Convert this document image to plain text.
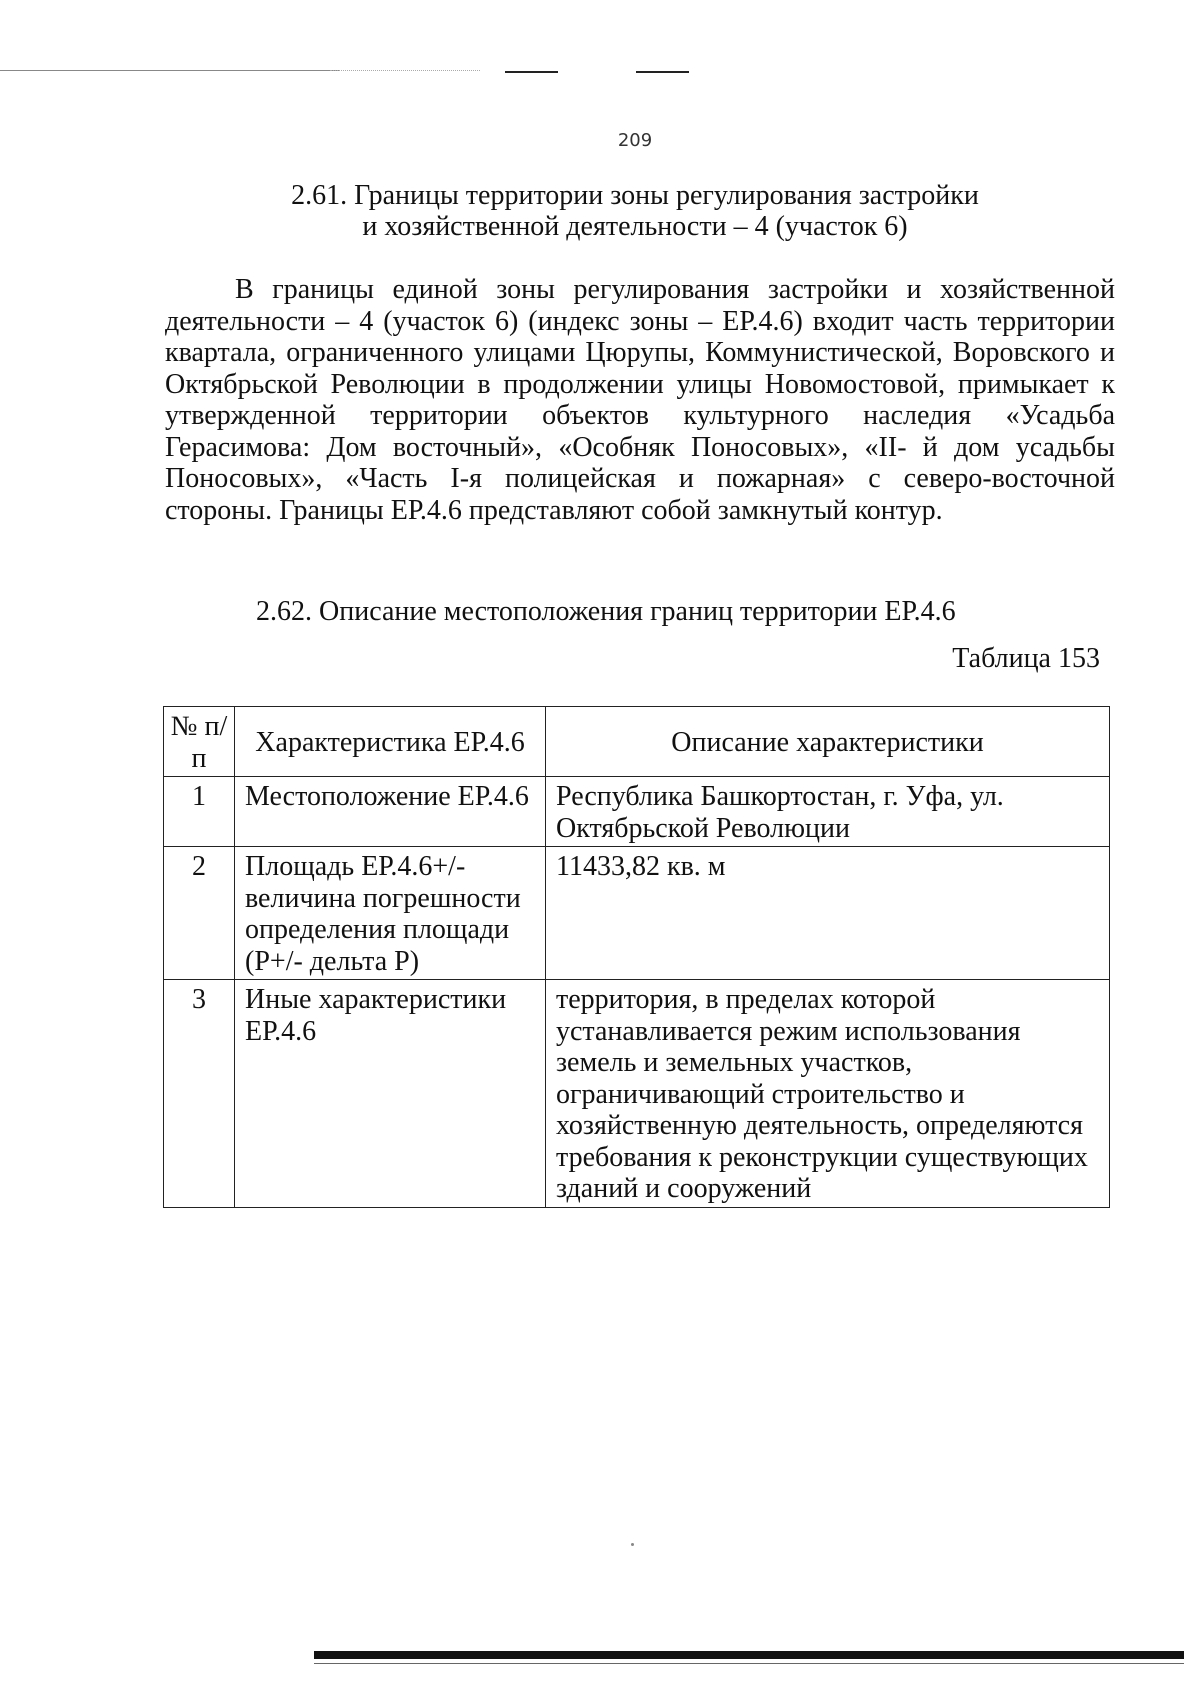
209
2.61. Границы территории зоны регулирования застройки
и хозяйственной деятельности – 4 (участок 6)
В границы единой зоны регулирования застройки и хозяйственной деятельности – 4 (участок 6) (индекс зоны – ЕР.4.6) входит часть территории квартала, ограниченного улицами Цюрупы, Коммунистической, Воровского и Октябрьской Революции в продолжении улицы Новомостовой, примыкает к утвержденной территории объектов культурного наследия «Усадьба Герасимова: Дом восточный», «Особняк Поносовых», «II- й дом усадьбы Поносовых», «Часть I-я полицейская и пожарная» с северо-восточной стороны. Границы ЕР.4.6 представляют собой замкнутый контур.
2.62. Описание местоположения границ территории ЕР.4.6
Таблица 153
№ п/п	Характеристика ЕР.4.6	Описание характеристики
1	Местоположение ЕР.4.6	Республика Башкортостан, г. Уфа, ул. Октябрьской Революции
2	Площадь ЕР.4.6+/- величина погрешности определения площади (Р+/- дельта Р)	11433,82 кв. м
3	Иные характеристики ЕР.4.6	территория, в пределах которой устанавливается режим использования земель и земельных участков, ограничивающий строительство и хозяйственную деятельность, определяются требования к реконструкции существующих зданий и сооружений
